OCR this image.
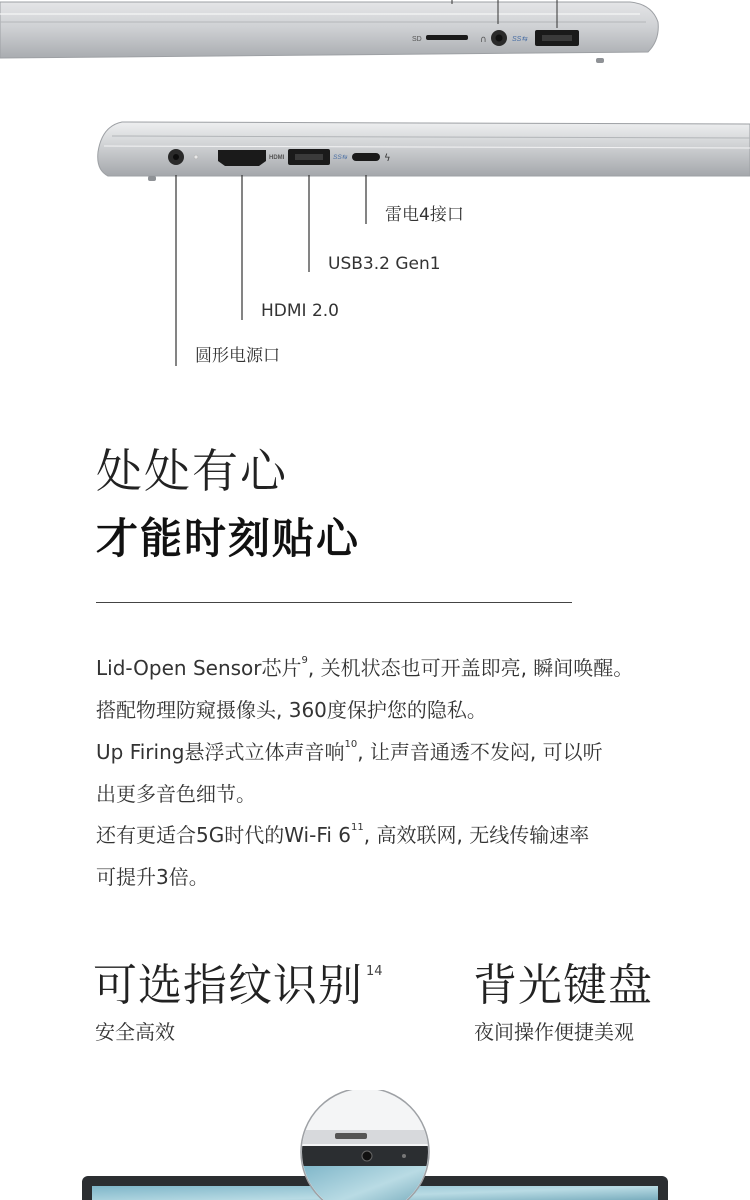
SD	∩	SS⇆
HDMI	SS⇆	ϟ
雷电4接口
USB3.2 Gen1
HDMI 2.0
圆形电源口
处处有心
才能时刻贴心
Lid-Open Sensor芯片$^9$, 关机状态也可开盖即亮, 瞬间唤醒。
搭配物理防窥摄像头, 360度保护您的隐私。
Up Firing悬浮式立体声音响$^{10}$, 让声音通透不发闷, 可以听
出更多音色细节。
还有更适合5G时代的Wi-Fi $6^{11}$, 高效联网, 无线传输速率
可提升3倍。
可选指纹识别 14
安全高效
背光键盘
夜间操作便捷美观
